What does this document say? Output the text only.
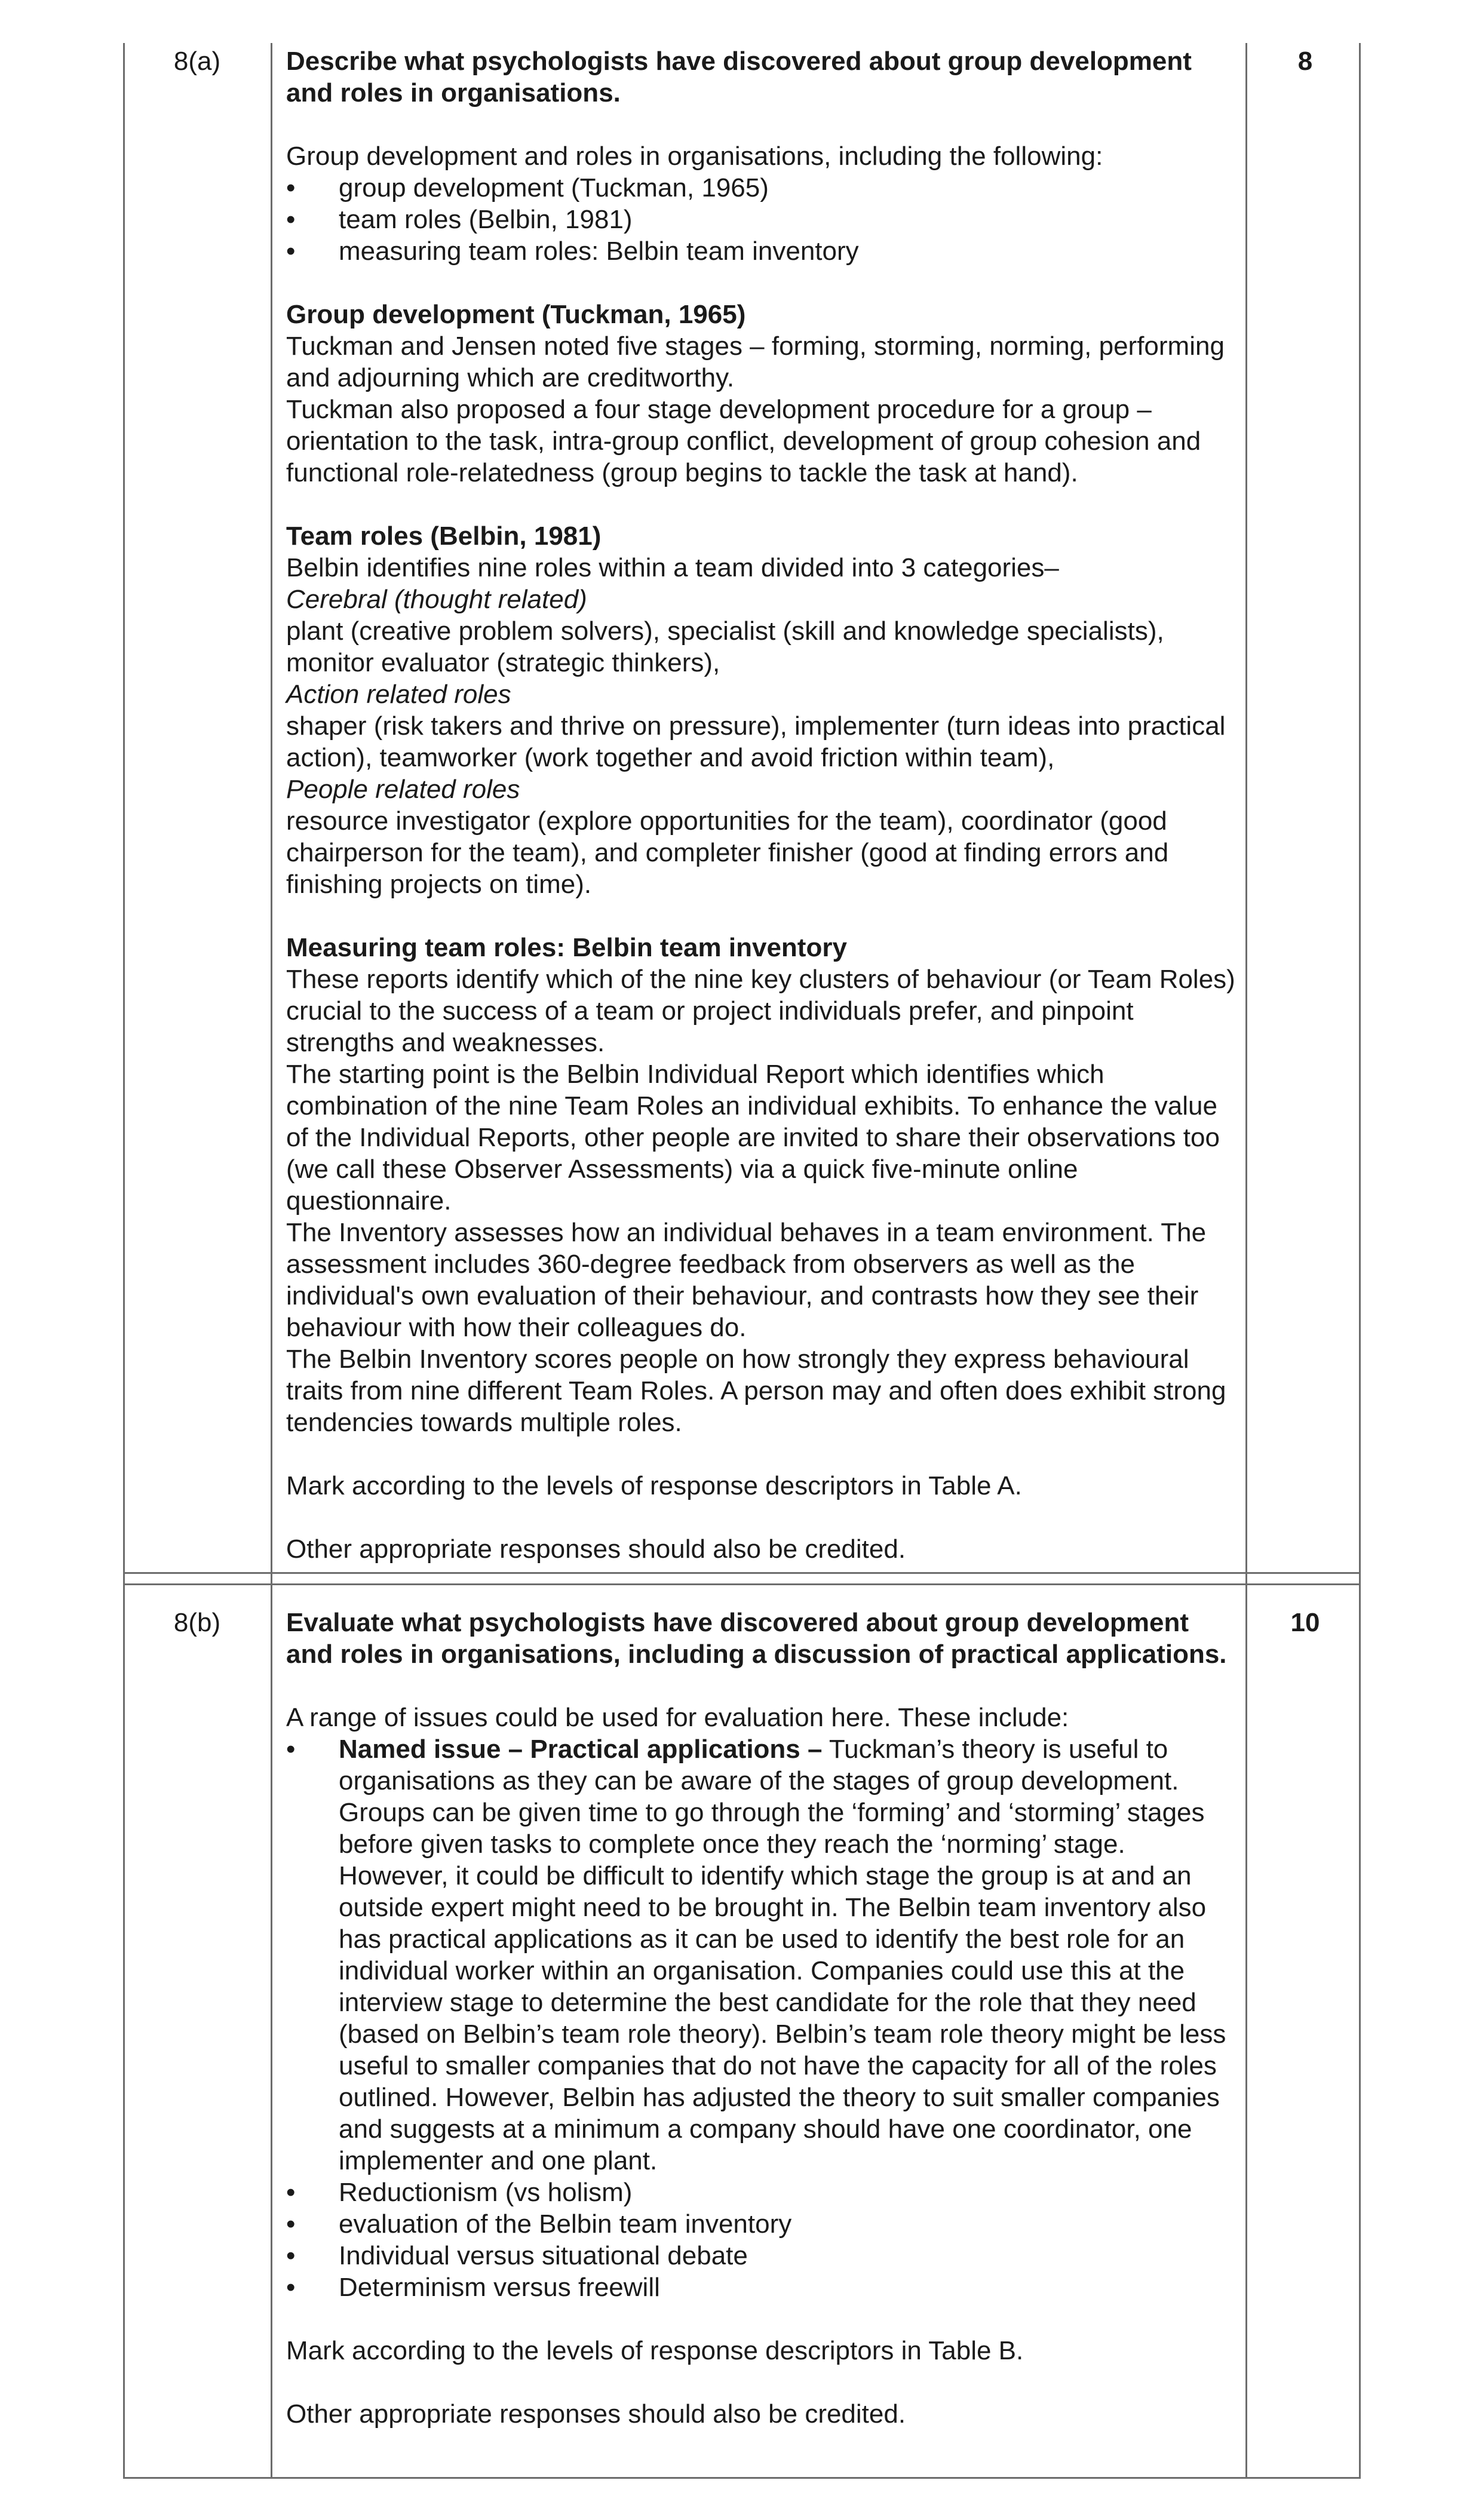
8(a)	8

Describe what psychologists have discovered about group development and roles in organisations.

Group development and roles in organisations, including the following:

• group development (Tuckman, 1965)
• team roles (Belbin, 1981)
• measuring team roles: Belbin team inventory

Group development (Tuckman, 1965)

Tuckman and Jensen noted five stages – forming, storming, norming, performing and adjourning which are creditworthy.

Tuckman also proposed a four stage development procedure for a group – orientation to the task, intra-group conflict, development of group cohesion and functional role-relatedness (group begins to tackle the task at hand).

Team roles (Belbin, 1981)

Belbin identifies nine roles within a team divided into 3 categories–

Cerebral (thought related)

plant (creative problem solvers), specialist (skill and knowledge specialists), monitor evaluator (strategic thinkers),

Action related roles

shaper (risk takers and thrive on pressure), implementer (turn ideas into practical action), teamworker (work together and avoid friction within team),

People related roles

resource investigator (explore opportunities for the team), coordinator (good chairperson for the team), and completer finisher (good at finding errors and finishing projects on time).

Measuring team roles: Belbin team inventory

These reports identify which of the nine key clusters of behaviour (or Team Roles) crucial to the success of a team or project individuals prefer, and pinpoint strengths and weaknesses.

The starting point is the Belbin Individual Report which identifies which combination of the nine Team Roles an individual exhibits. To enhance the value of the Individual Reports, other people are invited to share their observations too (we call these Observer Assessments) via a quick five-minute online questionnaire.

The Inventory assesses how an individual behaves in a team environment. The assessment includes 360-degree feedback from observers as well as the individual's own evaluation of their behaviour, and contrasts how they see their behaviour with how their colleagues do.

The Belbin Inventory scores people on how strongly they express behavioural traits from nine different Team Roles. A person may and often does exhibit strong tendencies towards multiple roles.

Mark according to the levels of response descriptors in Table A.

Other appropriate responses should also be credited.

8(b)	10

Evaluate what psychologists have discovered about group development and roles in organisations, including a discussion of practical applications.

A range of issues could be used for evaluation here. These include:

• Named issue – Practical applications – Tuckman’s theory is useful to organisations as they can be aware of the stages of group development. Groups can be given time to go through the ‘forming’ and ‘storming’ stages before given tasks to complete once they reach the ‘norming’ stage. However, it could be difficult to identify which stage the group is at and an outside expert might need to be brought in. The Belbin team inventory also has practical applications as it can be used to identify the best role for an individual worker within an organisation. Companies could use this at the interview stage to determine the best candidate for the role that they need (based on Belbin’s team role theory). Belbin’s team role theory might be less useful to smaller companies that do not have the capacity for all of the roles outlined. However, Belbin has adjusted the theory to suit smaller companies and suggests at a minimum a company should have one coordinator, one implementer and one plant.
• Reductionism (vs holism)
• evaluation of the Belbin team inventory
• Individual versus situational debate
• Determinism versus freewill

Mark according to the levels of response descriptors in Table B.

Other appropriate responses should also be credited.
